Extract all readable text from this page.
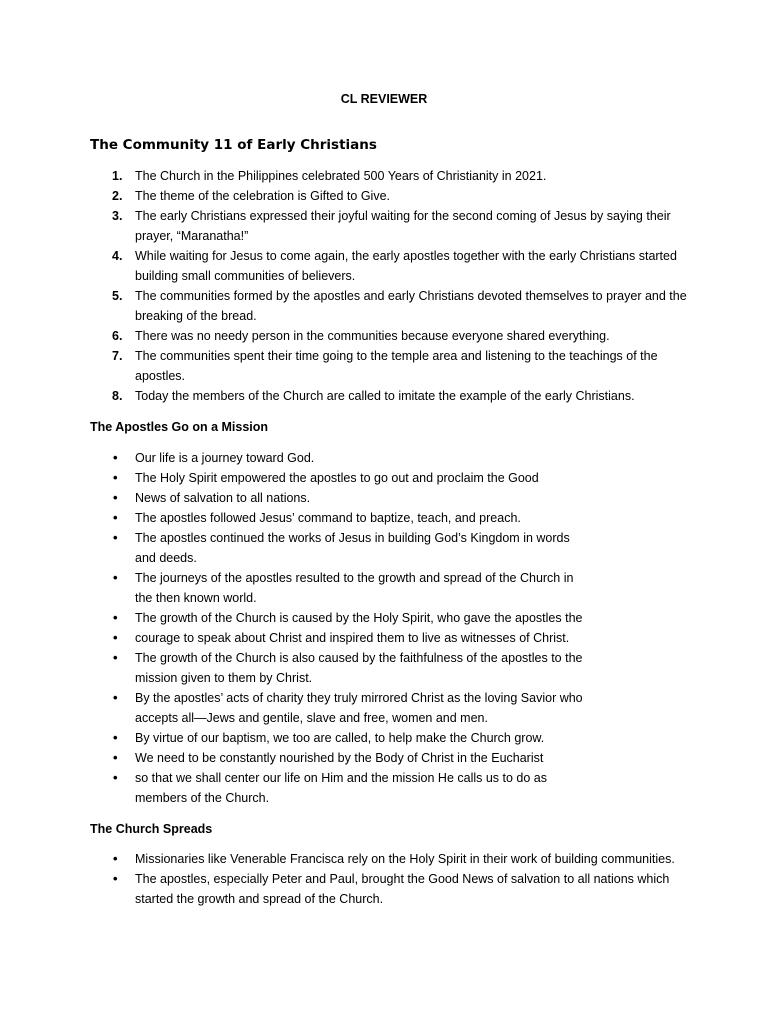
CL REVIEWER
The Community 11 of Early Christians
1. The Church in the Philippines celebrated 500 Years of Christianity in 2021.
2. The theme of the celebration is Gifted to Give.
3. The early Christians expressed their joyful waiting for the second coming of Jesus by saying their prayer, “Maranatha!”
4. While waiting for Jesus to come again, the early apostles together with the early Christians started building small communities of believers.
5. The communities formed by the apostles and early Christians devoted themselves to prayer and the breaking of the bread.
6. There was no needy person in the communities because everyone shared everything.
7. The communities spent their time going to the temple area and listening to the teachings of the apostles.
8. Today the members of the Church are called to imitate the example of the early Christians.
The Apostles Go on a Mission
• Our life is a journey toward God.
• The Holy Spirit empowered the apostles to go out and proclaim the Good
• News of salvation to all nations.
• The apostles followed Jesus’ command to baptize, teach, and preach.
• The apostles continued the works of Jesus in building God’s Kingdom in words and deeds.
• The journeys of the apostles resulted to the growth and spread of the Church in the then known world.
• The growth of the Church is caused by the Holy Spirit, who gave the apostles the
• courage to speak about Christ and inspired them to live as witnesses of Christ.
• The growth of the Church is also caused by the faithfulness of the apostles to the mission given to them by Christ.
• By the apostles’ acts of charity they truly mirrored Christ as the loving Savior who accepts all—Jews and gentile, slave and free, women and men.
• By virtue of our baptism, we too are called, to help make the Church grow.
• We need to be constantly nourished by the Body of Christ in the Eucharist
• so that we shall center our life on Him and the mission He calls us to do as members of the Church.
The Church Spreads
• Missionaries like Venerable Francisca rely on the Holy Spirit in their work of building communities.
• The apostles, especially Peter and Paul, brought the Good News of salvation to all nations which started the growth and spread of the Church.
